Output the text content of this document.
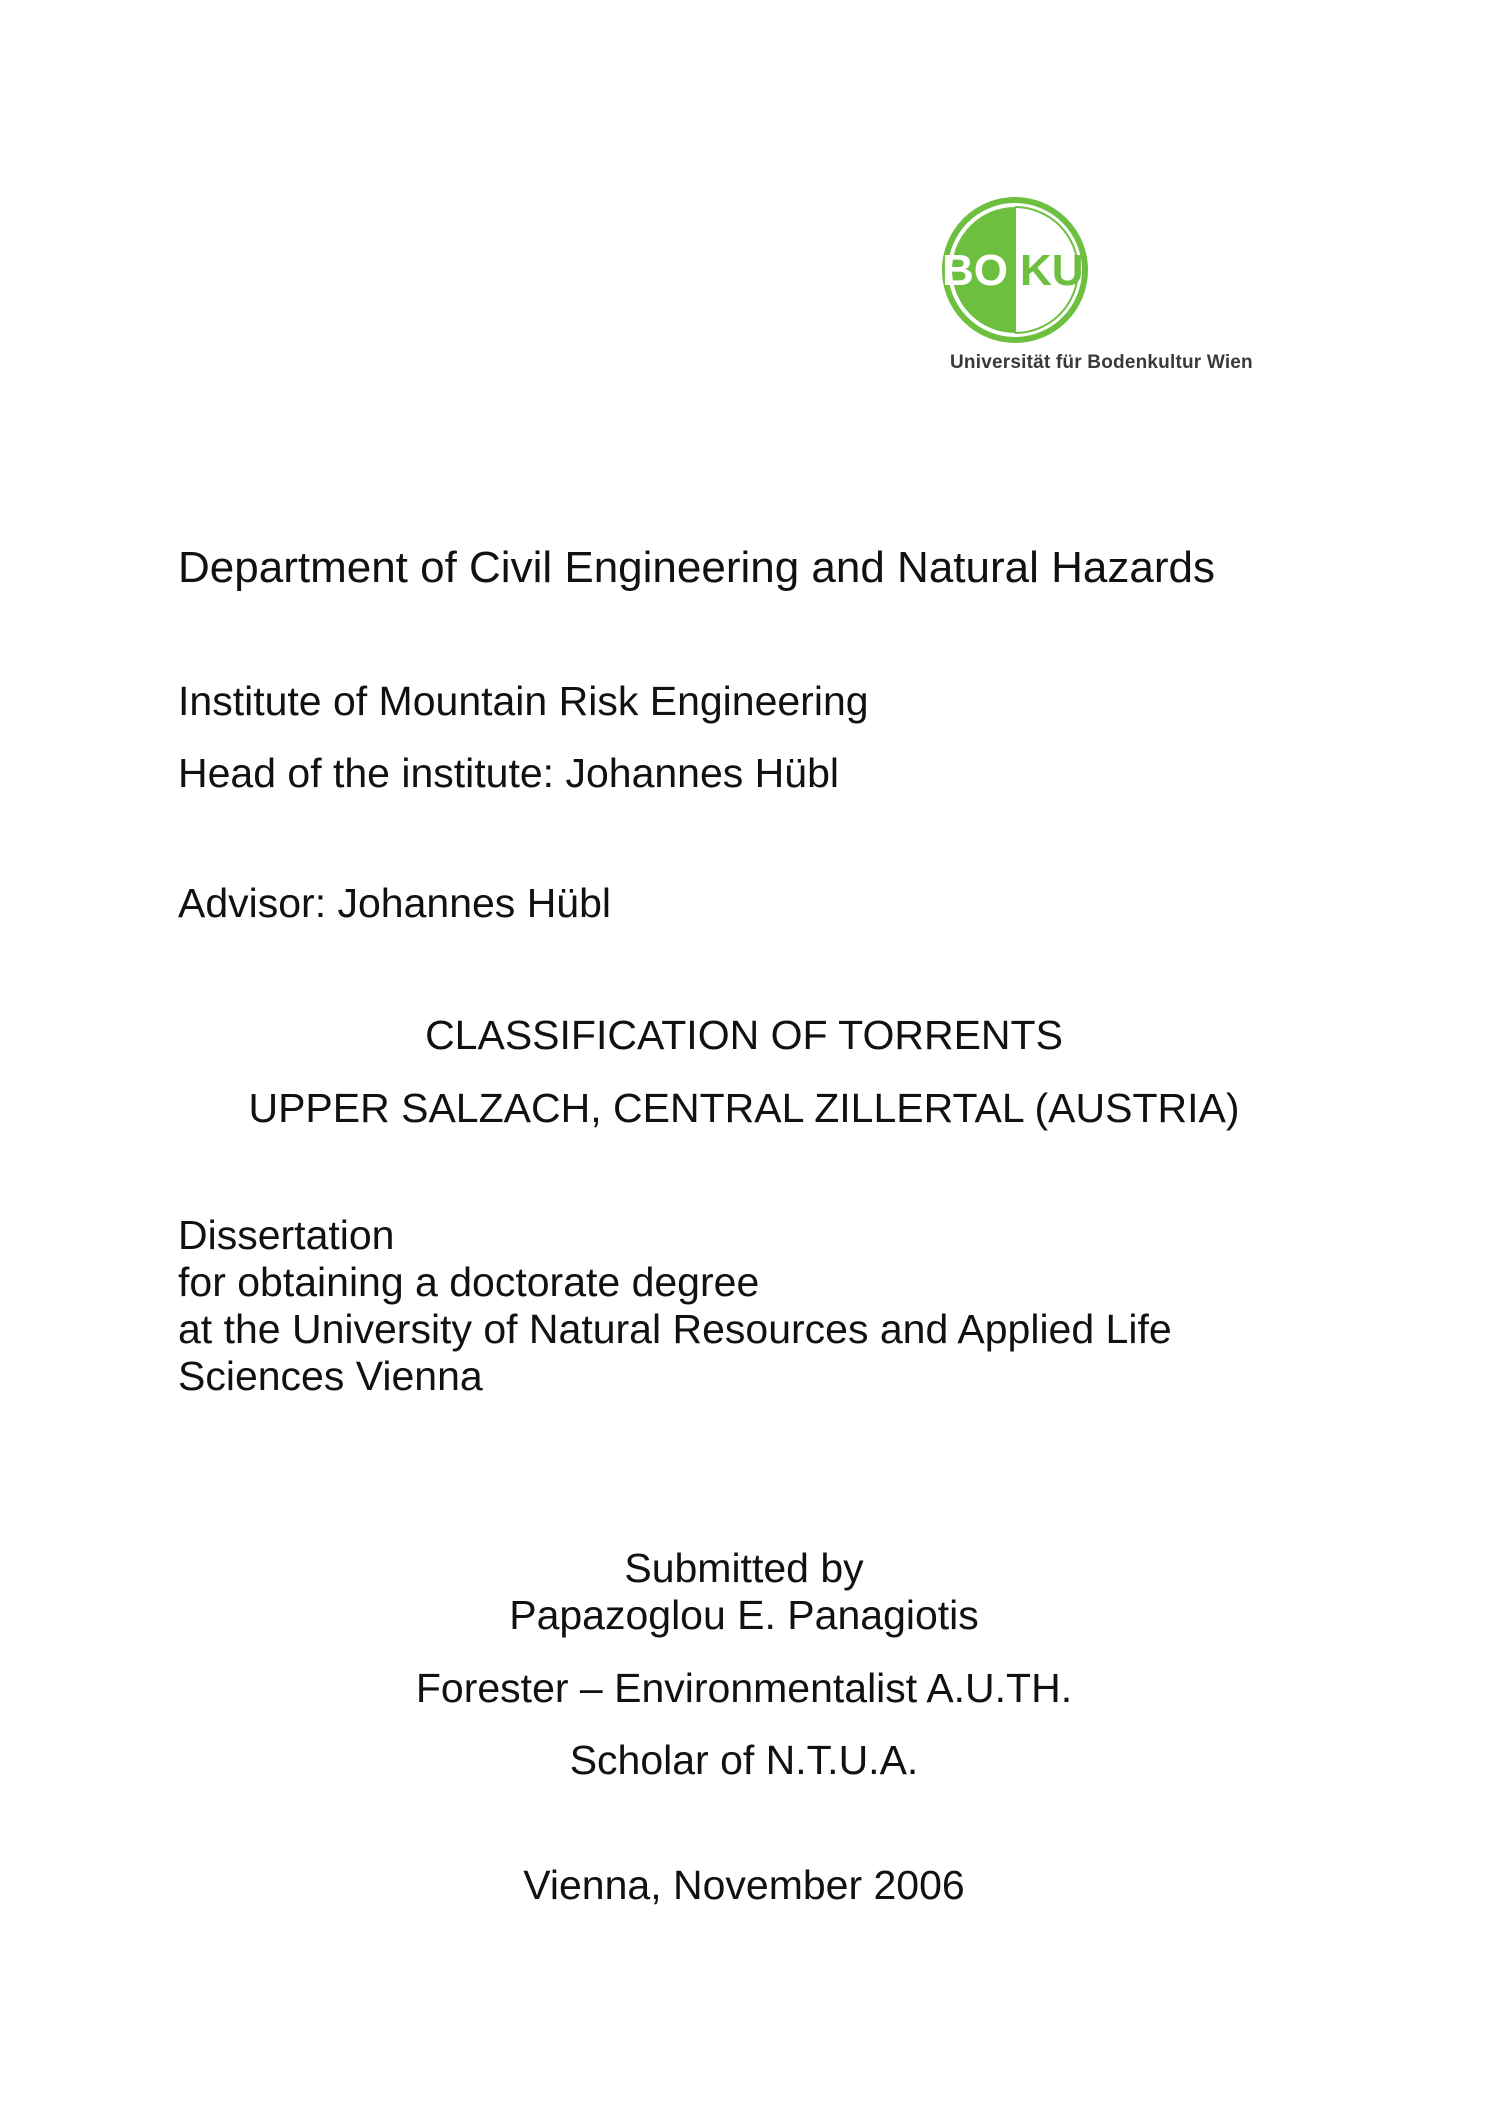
BO KU
Universität für Bodenkultur Wien
Department of Civil Engineering and Natural Hazards
Institute of Mountain Risk Engineering
Head of the institute: Johannes Hübl
Advisor: Johannes Hübl
CLASSIFICATION OF TORRENTS
UPPER SALZACH, CENTRAL ZILLERTAL (AUSTRIA)
Dissertation
for obtaining a doctorate degree
at the University of Natural Resources and Applied Life
Sciences Vienna
Submitted by
Papazoglou E. Panagiotis
Forester – Environmentalist A.U.TH.
Scholar of N.T.U.A.
Vienna, November 2006
